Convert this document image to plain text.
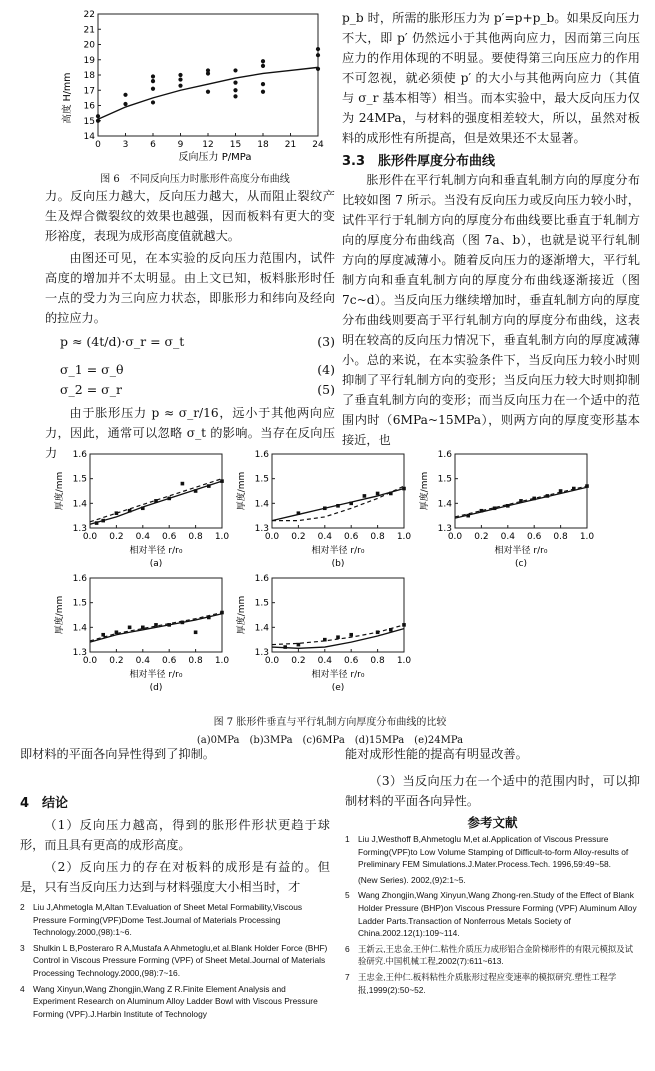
高度 H/mm
反向压力 P/MPa
0 3 6 9 12 15 18 21 24
14
15
16
17
18
19
20
21
22
图 6　不同反向压力时胀形件高度分布曲线
力。反向压力越大，反向压力越大，从而阻止裂纹产生及焊合微裂纹的效果也越强，因而板料有更大的变形裕度，表现为成形高度值就越大。
由图还可见，在本实验的反向压力范围内，试件高度的增加并不太明显。由上文已知，板料胀形时任一点的受力为三向应力状态，即胀形力和纬向及经向的拉应力。
p ≈ (4t/d)·σ_r = σ_t	(3)
σ_1 = σ_θ	(4)
σ_2 = σ_r	(5)
由于胀形压力 p ≈ σ_r/16，远小于其他两向应力，因此，通常可以忽略 σ_t 的影响。当存在反向压力
p_b 时，所需的胀形压力为 p′=p+p_b。如果反向压力不大，即 p′ 仍然远小于其他两向应力，因而第三向压应力的作用体现的不明显。要使得第三向压应力的作用不可忽视，就必须使 p′ 的大小与其他两向应力（其值与 σ_r 基本相等）相当。而本实验中，最大反向压力仅为 24MPa，与材料的强度相差较大，所以，虽然对板料的成形性有所提高，但是效果还不太显著。
3.3　胀形件厚度分布曲线
胀形件在平行轧制方向和垂直轧制方向的厚度分布比较如图 7 所示。当没有反向压力或反向压力较小时，试件平行于轧制方向的厚度分布曲线要比垂直于轧制方向的厚度分布曲线高（图 7a、b），也就是说平行轧制方向的厚度减薄小。随着反向压力的逐渐增大，平行轧制方向和垂直轧制方向的厚度分布曲线逐渐接近（图 7c~d）。当反向压力继续增加时，垂直轧制方向的厚度分布曲线则要高于平行轧制方向的厚度分布曲线，这表明在较高的反向压力情况下，垂直轧制方向的厚度减薄小。总的来说，在本实验条件下，当反向压力较小时则抑制了平行轧制方向的变形；当反向压力较大时则抑制了垂直轧制方向的变形；而当反向压力在一个适中的范围内时（6MPa~15MPa），则两方向的厚度变形基本接近，也
0.0 0.2 0.4 0.6 0.8 1.0
1.3
1.4
1.5
1.6
厚度/mm
相对半径 r/r₀
(a)
0.0 0.2 0.4 0.6 0.8 1.0
1.3
1.4
1.5
1.6
厚度/mm
相对半径 r/r₀
(b)
0.0 0.2 0.4 0.6 0.8 1.0
1.3
1.4
1.5
1.6
厚度/mm
相对半径 r/r₀
(c)
0.0 0.2 0.4 0.6 0.8 1.0
1.3
1.4
1.5
1.6
厚度/mm
相对半径 r/r₀
(d)
0.0 0.2 0.4 0.6 0.8 1.0
1.3
1.4
1.5
1.6
厚度/mm
相对半径 r/r₀
(e)
图 7 胀形件垂直与平行轧制方向厚度分布曲线的比较
(a)0MPa　(b)3MPa　(c)6MPa　(d)15MPa　(e)24MPa
即材料的平面各向异性得到了抑制。
4　结论
（1）反向压力越高，得到的胀形件形状更趋于球形，而且具有更高的成形高度。
（2）反向压力的存在对板料的成形是有益的。但是，只有当反向压力达到与材料强度大小相当时，才
2 Liu J,Ahmetogla M,Altan T.Evaluation of Sheet Metal Formability,Viscous Pressure Forming(VPF)Dome Test.Journal of Materials Processing Technology.2000,(98):1~6.
3 Shulkin L B,Posteraro R A,Mustafa A Ahmetoglu,et al.Blank Holder Force (BHF) Control in Viscous Pressure Forming (VPF) of Sheet Metal.Journal of Materials Processing Technology.2000,(98):7~16.
4 Wang Xinyun,Wang Zhongjin,Wang Z R.Finite Element Analysis and Experiment Research on Aluminum Alloy Ladder Bowl with Viscous Pressure Forming (VPF).J.Harbin Institute of Technology
能对成形性能的提高有明显改善。
（3）当反向压力在一个适中的范围内时，可以抑制材料的平面各向异性。
参考文献
1 Liu J,Westhoff B,Ahmetoglu M,et al.Application of Viscous Pressure Forming(VPF)to Low Volume Stamping of Difficult-to-form Alloy-results of Preliminary FEM Simulations.J.Mater.Process.Tech. 1996,59:49~58.
(New Series). 2002,(9)2:1~5.
5 Wang Zhongjin,Wang Xinyun,Wang Zhong-ren.Study of the Effect of Blank Holder Pressure (BHP)on Viscous Pressure Forming (VPF) Aluminum Alloy Ladder Parts.Transaction of Nonferrous Metals Society of China.2002.12(1):109~114.
6 王新云,王忠金,王仲仁.粘性介质压力成形铝合金阶梯形件的有限元模拟及试验研究.中国机械工程,2002(7):611~613.
7 王忠金,王仲仁.板料粘性介质胀形过程应变速率的模拟研究.塑性工程学报,1999(2):50~52.
